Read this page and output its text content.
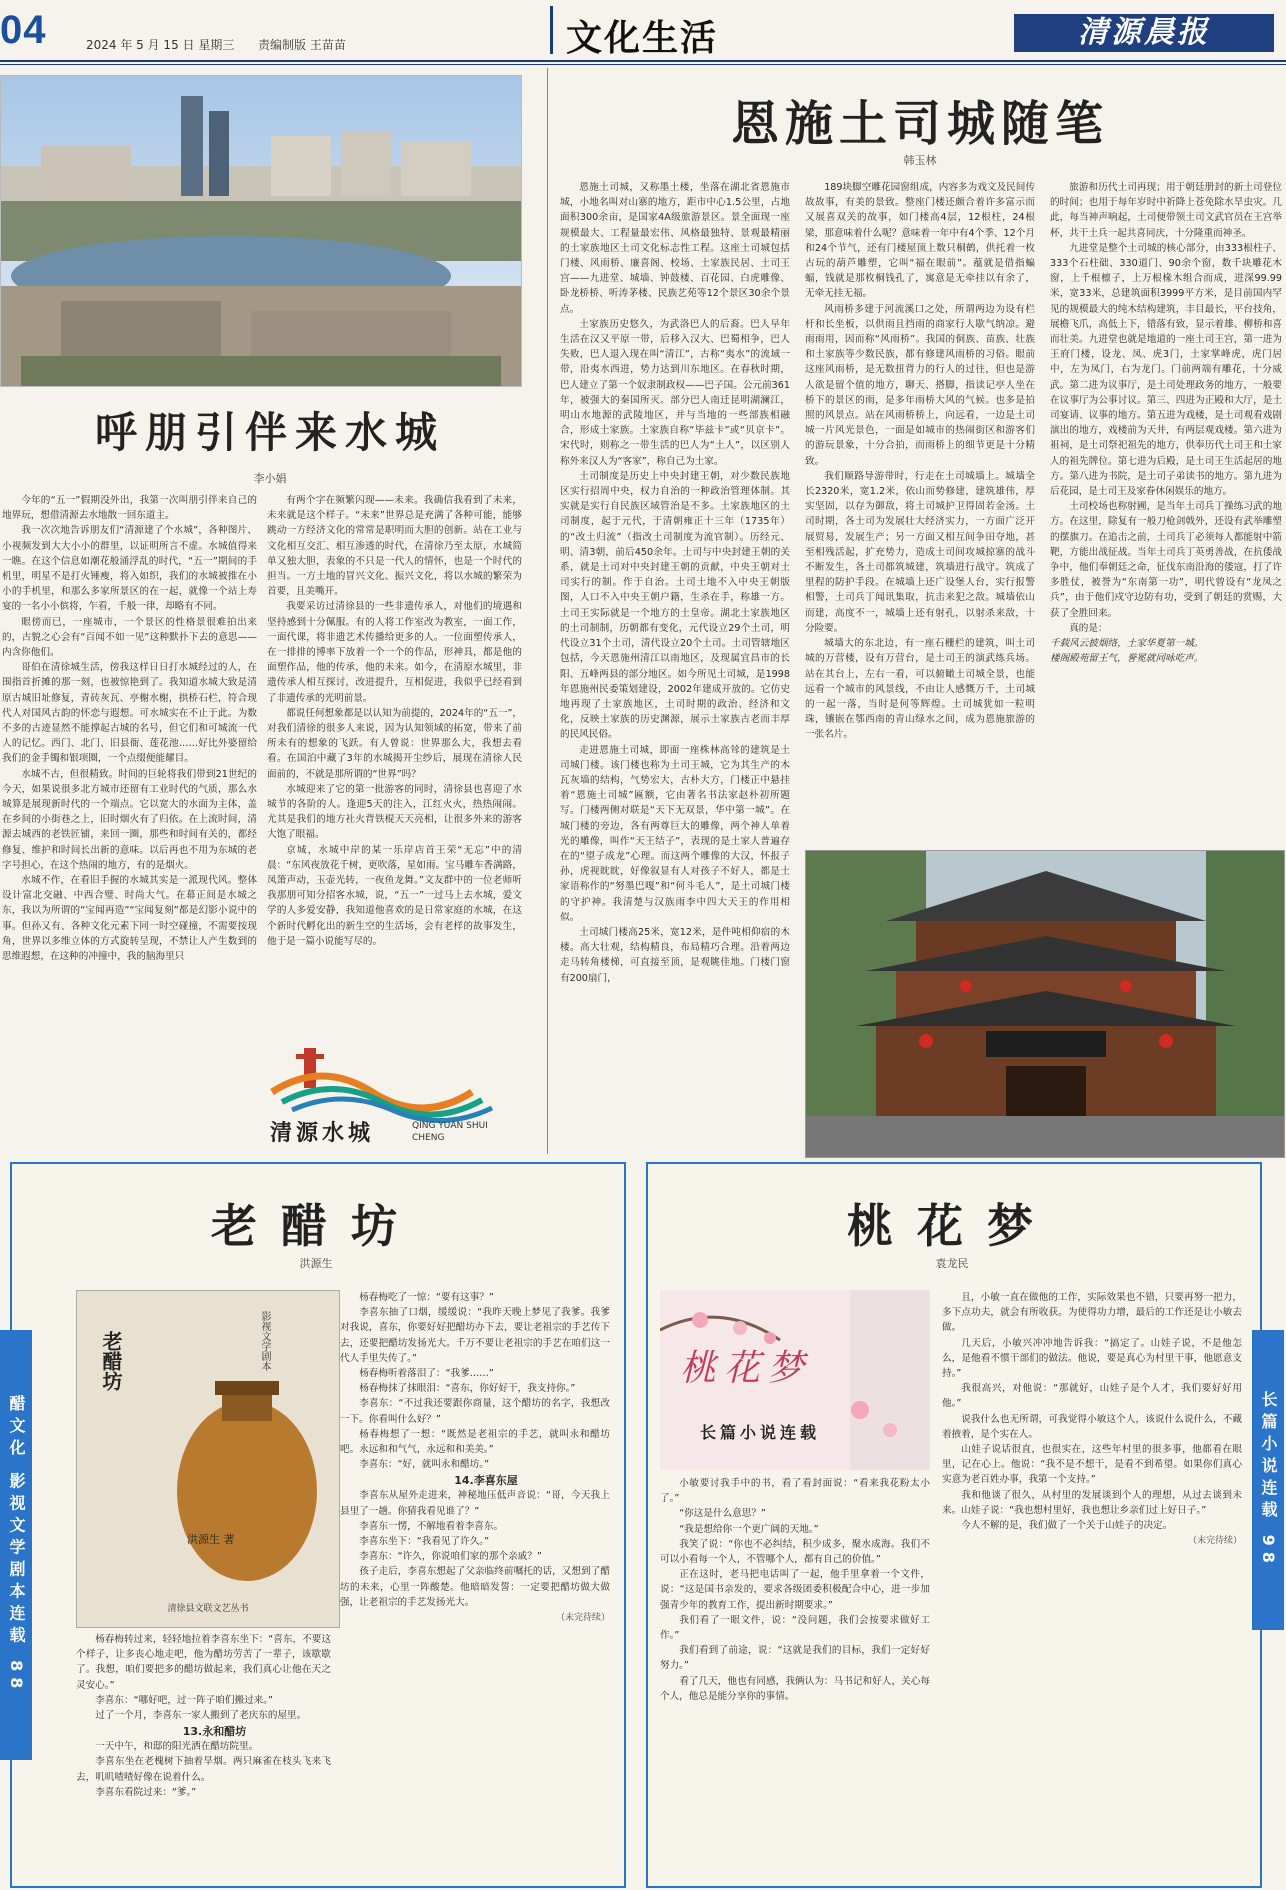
04	2024 年 5 月 15 日 星期三 责编制版 王苗苗	文化生活	清源晨报
呼朋引伴来水城
李小娟

今年的“五一”假期没外出，我第一次叫朋引伴来自己的地界玩，想借清源去水地散一回东道主。

我一次次地告诉朋友们“清源建了个水城”，各种图片、小视频发到大大小小的群里，以证明所言不虚。水城值得来一瞧。在这个信息如潮花般涌浮乱的时代，“五一”期间的手机里，明星不是打火锤瘦，将入如织，我们的水城被推在小小的手机里，和那么多家所景区的在一起，就像一个站上寿宴的一名小小傧将，乍看，千般一律，却略有不同。

眼傍而已，一座城市，一个景区的性格景很难拍出来的，古貌之心会有“百闻不如一见”这种默扑下去的意思——内含你他们。

哥伯在清徐城生活，傍我这样日日打水城经过的人，在围指首折摊的那一刻，也被惊艳到了。我知道水城大致是清原古城旧址修复，青砖灰瓦、亭榭水榭，拱桥石栏，符合现代人对国风古韵的怀恋与遐想。可水城实在不止于此。为数不多的古迹显然不能撑起古城的名号，但它们和可城流一代人的记忆。西门、北门、旧县衙、莲花池……好比外婆留给我们的金手镯和银项圈，一个点缀便能耀目。

水城不古，但很精致。时间的巨轮将我们带到21世纪的今天，如果说很多北方城市还留有工业时代的气质，那么水城算是展现新时代的一个端点。它以宽大的水面为主体，盖在乡间的小街巷之上，旧时烟火有了归依。在上流时间，清源去城西的老铁匠铺，来回一圈，那些和时间有关的，都经修复、维护和时间长出新的意味。以后再也不用为东城的老字号担心，在这个热闹的地方，有的是烟火。

水城不作，在看旧手握的水城其实是一派现代风。整体设计富北交融、中西合璧、时尚大气。在幕正间是水城之东，我以为所谓的“宝闻再造”“宝闻复刻”都是幻影小说中的事。但孙又有、各种文化元素下同一时空碰撞，不需要按现角，世界以多维立体的方式旋转呈现，不禁让人产生数到的思维遐想，在这种的冲撞中，我的脑海里只

有两个字在频繁闪现——未来。我确信我看到了未来，未来就是这个样子。“未来”世界总是充满了各种可能，能够跳动一方经济文化的常常是职明而大胆的创新。站在工业与文化相互交汇、相互渗透的时代，在清徐乃至太原，水城简单又独大胆，表象的不只是一代人的情怀，也是一个时代的担当。一方土地的冒兴文化、振兴文化，将以水城的繁荣为首要，且美嘴开。

我要采访过清徐县的一些非遗传承人，对他们的境遇和坚持感到十分佩服。有的人将工作室改为教室，一面工作，一面代课，将非遗艺术传播给更多的人。一位面塑传承人，在一排排的博率下放着一个一个的作品，形神具，都是他的面塑作品，他的传承，他的未来。如今，在清原水城里，非遗传承人相互探讨，改进提升，互相促进，我似乎已经看到了非遗传承的光明前景。

都说任何想象都是以认知为前提的，2024年的“五一”，对我们清徐的很多人来说，因为认知领域的拓宽，带来了前所未有的想象的飞跃。有人曾说：世界那么大，我想去看看。在国泊中藏了3年的水城揭开尘纱后，展现在清徐人民面前的，不就是那所谓的“世界”吗？

水城迎来了它的第一批游客的同时，清徐县也喜迎了水城节的各阶的人。逢迎5天的注入，江红火火，热热闹闹。尤其是我们的地方社火背铁棍天天亮相，让很多外来的游客大饱了眼福。

京城，水城中岸的某一乐岸店首王荣“无忘”中的清晨：“东风夜放花千树，更吹落，星如雨。宝马雕车香满路，凤箫声动，玉壶光转，一夜鱼龙舞。”文友群中的一位老师听我那朋可知分招客水城，说，“五一”一过马上去水城，爱文学的人多爱安静，我知道他喜欢的是日常家庭的水城，在这个新时代孵化出的新生空的生活场，会有老样的故事发生，他于是一篇小说能写尽的。

清源水城	QING YUAN SHUI CHENG
恩施土司城随笔
韩玉林

恩施土司城，又称墨土楼，坐落在湖北省恩施市城，小地名叫对山寨的地方，距市中心1.5公里，占地面积300余亩，是国家4A级旅游景区。景全面现一座规模最大、工程量最宏伟、风格最独特、景观最精丽的土家族地区土司文化标志性工程。这座土司城包括门楼、风雨桥、廉喜阁、校场、土家族民居、土司王宫——九进堂、城墙、钟鼓楼、百花园、白虎雕像、卧龙桥桥、听涛茅楼、民族艺苑等12个景区30余个景点。

土家族历史悠久，为武洛巴人的后裔。巴人早年生活在汉又平原一带，后移入汉大、巴蜀相争，巴人失败，巴人退入现在叫“清江”，古称“夷水”的流域一带，沿夷水西进，势力达到川东地区。在春秋时期，巴人建立了第一个奴隶制政权——巴子国。公元前361年，被强大的秦国所灭。部分巴人南迁昆明湖澜江，明山水地源的武陵地区，并与当地的一些部族相融合，形成土家族。土家族自称“毕兹卡”或“贝京卡”。宋代时，则称之一带生活的巴人为“土人”，以区别人称外来汉人为“客家”，称自己为土家。

土司制度是历史上中央封建王朝，对少数民族地区实行招周中央，权力自治的一种政治管理体制。其实就是实行自民族区域管治是不多。土家族地区的土司制度，起于元代，于清朝雍正十三年（1735年）的“改土归流”（指改土司制度为流官制）。历经元、明、清3朝，前后450余年。土司与中央封建王朝的关系，就是土司对中央封建王朝的贡献，中央王朝对土司实行的制。作于自治。土司土地不入中央王朝版图，人口不入中央王朝户籍，生杀在手，称雄一方。土司王实际就是一个地方的土皇帝。湖北土家族地区的土司制制，历朝都有变化，元代设立29个土司，明代设立31个土司，清代设立20个土司。土司管辖地区包括，今天恩施州清江以南地区，及现属宜昌市的长阳、五峰两县的部分地区。如今所见土司城，是1998年恩施州民委策划建设，2002年建成开放的。它仿史地再现了土家族地区，土司时期的政治、经济和文化，反映土家族的历史渊源，展示土家族古老而丰厚的民风民俗。

走进恩施土司城，即面一座株林高耸的建筑是土司城门楼。该门楼也称为土司王城，它为其生产的木瓦灰墙的结构，气势宏大，古朴大方，门楼正中悬挂着“恩施土司城”匾额，它由著名书法家赵朴初所题写。门楼两侧对联是“天下无双景，华中第一城”。在城门楼的旁边，各有两尊巨大的雕像，两个神人单着光的雕像，叫作“天王结子”，表现的是土家人普遍存在的“望子成龙”心理。而这两个雕像的大汉，怀报子孙，虎视眈眈，好像叙显有人对孩子不好人，都是土家语称作的“努墨巴嘎”和“何斗毛人”，是土司城门楼的守护神。我清楚与汉族雨李中四大天王的作用相似。

土司城门楼高25米，宽12米，是件吨相仰宿的木楼。高大壮观，结构精良，布局精巧合理。沿着两边走马转角楼梯，可直接至顶，是观眺佳地。门楼门窗有200扇门，

189块脚空雕花园窗组成，内容多为戏文及民间传故故事，有美的景致。整座门楼还颇合着许多富示而又展喜双关的故事，如门楼高4层，12根柱，24根梁，那意味着什么呢？意味着一年中有4个季、12个月和24个节气，还有门楼屋顶上数只桐鹤，供托着一枚古玩的葫芦雕塑，它叫“福在眼前”。蕴就是借指蝙蝠，钱就是那枚桐钱孔了，寓意是无牵挂以有余了，无牵无挂无福。

风雨桥多建于河流溪口之处，所谓两边为设有栏杆和长坐板，以供雨且挡雨的商家行人歇气纳凉。避雨雨用，因而称“风雨桥”。我国的侗族、苗族、壮族和土家族等少数民族，都有修建风雨桥的习俗。眼前这座风雨桥，是无数扭背力的行人的过往，但也是游人欲是留个值的地方，聊天、搭脚，指读记亭人坐在桥下的景区的雨，是多年雨桥大风的气候。也多是拍照的风景点。站在风雨桥桥上，向远看，一边是土司城一片风光景色，一面是如城市的热闹街区和游客们的游玩景象，十分合拍，而雨桥上的细节更是十分精致。

我们顺路导游带时，行走在土司城墙上。城墙全长2320米，宽1.2米，依山而势修建，建筑雄伟，厚实坚固，以存为御敌，将土司城护卫得固若金汤。土司时期，各土司为发展壮大经济实力，一方面广泛开展贸易，发展生产；另一方面又相互间争田夺地，甚至相残活起，扩充势力，造成土司间攻城掠寨的战斗不断发生，各土司都筑城建，筑墙进行战守。筑成了里程的防护手段。在城墙上还广设堡人台，实行报警相警，土司兵丁闻讯集取，抗击来犯之敌。城墙依山而建，高度不一，城墙上还有射孔，以射杀来敌，十分险要。

城墙大的东北边，有一座石栅栏的建筑，叫土司城的万营楼，设有万营台，是土司王的演武练兵场。站在其台上，左右一看，可以俯瞰土司城全景，也能远看一个城市的风景线，不由让人感慨万千，土司城的一起一落，当时是何等辉煌。土司城犹如一粒明珠，镶嵌在鄂西南的青山绿水之间，成为恩施旅游的一张名片。

旅游和历代土司再现；用于朝廷册封的新土司登位的时间；也用于每年岁时中祈降上苍免除水旱虫灾。几此，每当神声响起，土司便带领土司文武官员在王宫举杯，共干土兵一起共喜同庆，十分隆重而神圣。

九进堂是整个土司城的核心部分，由333根柱子、333个石柱础、330道门、90余个窗，数千块雕花木窗，上千根檩子，上万根椽木组合而成，进深99.99米，宽33米，总建筑面积3999平方米，是目前国内罕见的规模最大的纯木结构建筑，丰目最长，平台技角，展檐飞爪，高低上下，错落有致，显示着雄、柳桥和喜而壮美。九进堂也就是地道的一座土司王宫，第一进为王府门楼，设龙、凤、虎3门，土家掌峰虎，虎门居中，左为凤门，右为龙门。门前两端有雕花，十分威武。第二进为议事厅，是土司处理政务的地方，一般要在议事厅为公事讨议。第三、四进为正殿和大厅，是土司宴请、议事的地方。第五进为戏楼，是土司观看戏剧演出的地方，戏楼前为天井，有两层观戏楼。第六进为祖祠，是土司祭祀祖先的地方，供奉历代土司王和土家人的祖先牌位。第七进为后殿，是土司王生活起居的地方。第八进为书院，是土司子弟读书的地方。第九进为后花园，是土司王及家眷休闲娱乐的地方。

土司校场也称射圃，是当年土司兵丁操练习武的地方。在这里，除复有一般刀枪剑戟外，还设有武举雕塑的摆旗刀。在追击之前，土司兵丁必须每人都能射中箭靶，方能出战征战。当年土司兵丁英勇善战，在抗倭战争中，他们奉朝廷之命，征伐东南沿海的倭寇，打了许多胜仗，被誉为“东南第一功”，明代曾设有“龙凤之兵”，由于他们戍守边防有功，受到了朝廷的赏赐，大获了全胜回来。

真的是：

千载风云披烟络，土家华夏第一城。

楼阁殿苑留王气，誉冕就同咏吃声。

醋文化 影视文学剧本连载 88
老醋坊
洪源生
老醋坊	影视文学剧本
洪源生 著
清徐县文联文艺丛书

杨春梅转过来，轻轻地拉着李喜东坐下：“喜东，不要这个样子，让多丧心地走吧，他为醋坊劳苦了一辈子，该歇歇了。我想，咱们要把多的醋坊做起来，我们真心让他在天之灵安心。”

李喜东：“哪好吧，过一阵子咱们搬过来。”

过了一个月，李喜东一家人搬到了老庆东的屋里。

13.永和醋坊

一天中午，和邸的阳光洒在醋坊院里。

李喜东坐在老槐树下抽着旱烟。两只麻雀在枝头飞来飞去，叽叽喳喳好像在说着什么。

李喜东看院过来：“爹。”

杨春梅吃了一惊：“要有这事？”

李喜东抽了口烟，缓缓说：“我昨天晚上梦见了我爹。我爹对我说，喜东，你要好好把醋坊办下去，要让老祖宗的手艺传下去，还要把醋坊发扬光大。千万不要让老祖宗的手艺在咱们这一代人手里失传了。”

杨春梅听着落泪了：“我爹……”

杨春梅抹了抹眼泪：“喜东，你好好干，我支持你。”

李喜东：“不过我还要跟你商量，这个醋坊的名字，我想改一下。你看叫什么好？”

杨春梅想了一想：“既然是老祖宗的手艺，就叫永和醋坊吧。永远和和气气，永远和和美美。”

李喜东：“好，就叫永和醋坊。”

14.李喜东屋

李喜东从屋外走进来，神秘地压低声音说：“哥，今天我上县里了一趟。你猜我看见谁了？”

李喜东一愣，不解地看着李喜东。

李喜东坐下：“我看见了许久。”

李喜东：“许久，你说咱们家的那个亲戚？”

孩子走后，李喜东想起了父亲临终前嘱托的话，又想到了醋坊的未来，心里一阵酸楚。他暗暗发誓：一定要把醋坊做大做强，让老祖宗的手艺发扬光大。

（未完待续）

长篇小说连载 98
桃花梦
袁龙民
桃花梦
长篇小说连载

小敏要讨我手中的书，看了看封面说：“看来我花粉太小了。”

“你这是什么意思？”

“我是想给你一个更广阔的天地。”

我笑了说：“你也不必纠结，积少成多，聚水成海。我们不可以小看每一个人，不管哪个人，都有自己的价值。”

正在这时，老马把电话叫了一起，他手里拿着一个文件，说：“这是国书亲发的，要求各级团委积极配合中心，进一步加强青少年的教育工作，提出新时期要求。”

我们看了一眼文件，说：“没问题，我们会按要求做好工作。”

我们看到了前途，说：“这就是我们的目标，我们一定好好努力。”

看了几天，他也有同感，我俩认为：马书记和好人，关心每个人，他总是能分享你的事情。

且，小敏一直在做他的工作，实际效果也不错，只要再努一把力，多下点功夫，就会有所收获。为使得功力增，最后的工作还是让小敏去做。

几天后，小敏兴冲冲地告诉我：“搞定了。山娃子说，不是他怎么，是他看不惯干部们的做法。他说，要是真心为村里干事，他愿意支持。”

我很高兴，对他说：“那就好，山娃子是个人才，我们要好好用他。”

说我什么也无所谓，可我觉得小敏这个人，该说什么说什么，不藏着掖着，是个实在人。

山娃子说话很直，也很实在，这些年村里的很多事，他都看在眼里，记在心上。他说：“我不是不想干，是看不到希望。如果你们真心实意为老百姓办事，我第一个支持。”

我和他谈了很久，从村里的发展谈到个人的理想，从过去谈到未来。山娃子说：“我也想村里好，我也想让乡亲们过上好日子。”

今人不解的是，我们做了一个关于山娃子的决定。

（未完待续）
